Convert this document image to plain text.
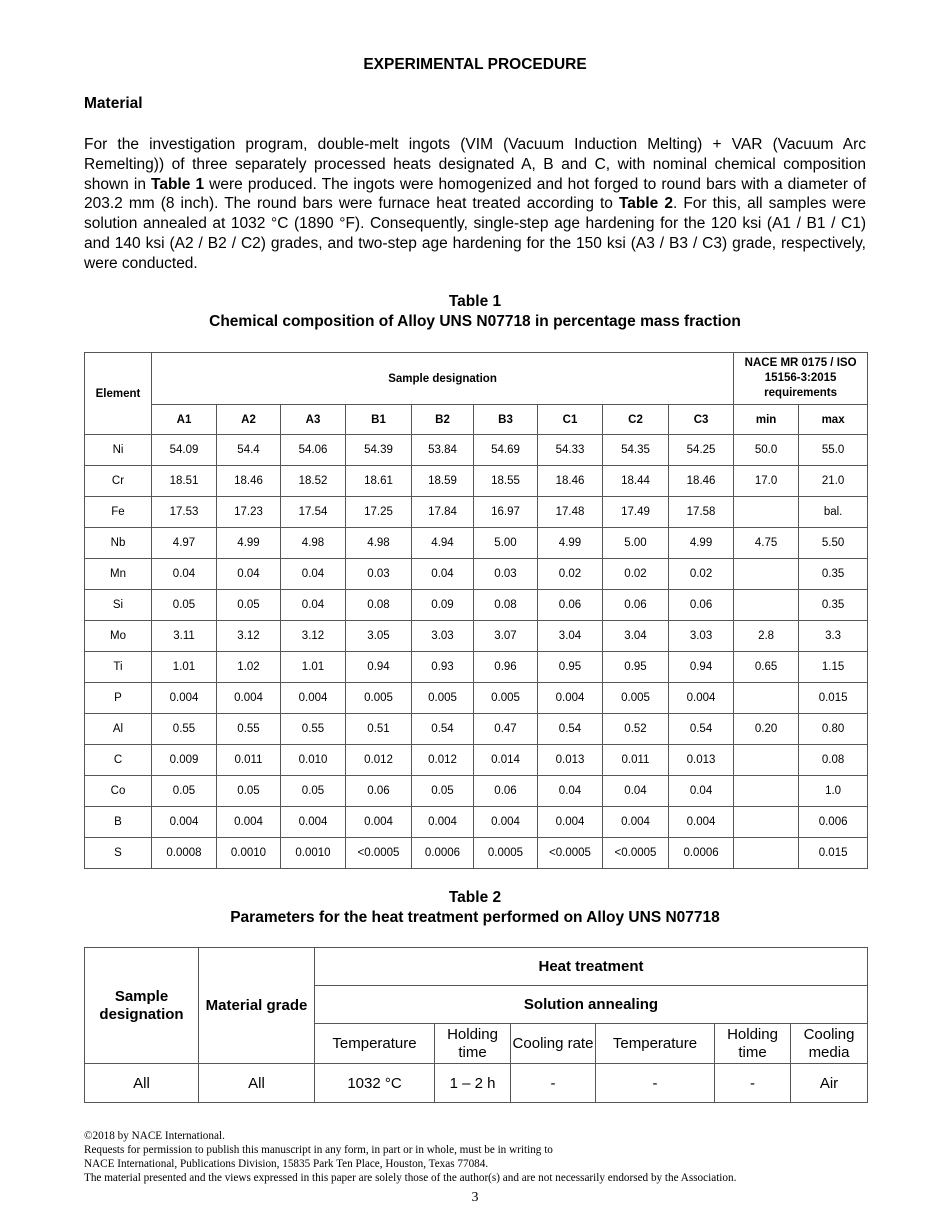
EXPERIMENTAL PROCEDURE
Material
For the investigation program, double-melt ingots (VIM (Vacuum Induction Melting) + VAR (Vacuum Arc Remelting)) of three separately processed heats designated A, B and C, with nominal chemical composition shown in Table 1 were produced. The ingots were homogenized and hot forged to round bars with a diameter of 203.2 mm (8 inch). The round bars were furnace heat treated according to Table 2. For this, all samples were solution annealed at 1032 °C (1890 °F). Consequently, single-step age hardening for the 120 ksi (A1 / B1 / C1) and 140 ksi (A2 / B2 / C2) grades, and two-step age hardening for the 150 ksi (A3 / B3 / C3) grade, respectively, were conducted.
Table 1
Chemical composition of Alloy UNS N07718 in percentage mass fraction
Element	Sample designation									NACE MR 0175 / ISO 15156-3:2015 requirements	
	A1	A2	A3	B1	B2	B3	C1	C2	C3	min	max
Ni	54.09	54.4	54.06	54.39	53.84	54.69	54.33	54.35	54.25	50.0	55.0
Cr	18.51	18.46	18.52	18.61	18.59	18.55	18.46	18.44	18.46	17.0	21.0
Fe	17.53	17.23	17.54	17.25	17.84	16.97	17.48	17.49	17.58		bal.
Nb	4.97	4.99	4.98	4.98	4.94	5.00	4.99	5.00	4.99	4.75	5.50
Mn	0.04	0.04	0.04	0.03	0.04	0.03	0.02	0.02	0.02		0.35
Si	0.05	0.05	0.04	0.08	0.09	0.08	0.06	0.06	0.06		0.35
Mo	3.11	3.12	3.12	3.05	3.03	3.07	3.04	3.04	3.03	2.8	3.3
Ti	1.01	1.02	1.01	0.94	0.93	0.96	0.95	0.95	0.94	0.65	1.15
P	0.004	0.004	0.004	0.005	0.005	0.005	0.004	0.005	0.004		0.015
Al	0.55	0.55	0.55	0.51	0.54	0.47	0.54	0.52	0.54	0.20	0.80
C	0.009	0.011	0.010	0.012	0.012	0.014	0.013	0.011	0.013		0.08
Co	0.05	0.05	0.05	0.06	0.05	0.06	0.04	0.04	0.04		1.0
B	0.004	0.004	0.004	0.004	0.004	0.004	0.004	0.004	0.004		0.006
S	0.0008	0.0010	0.0010	<0.0005	0.0006	0.0005	<0.0005	<0.0005	0.0006		0.015
Table 2
Parameters for the heat treatment performed on Alloy UNS N07718
Sample designation	Material grade	Heat treatment					
		Solution annealing					
		Temperature	Holding time	Cooling rate	Temperature	Holding time	Cooling media
All	All	1032 °C	1 – 2 h	-	-	-	Air
©2018 by NACE International.
Requests for permission to publish this manuscript in any form, in part or in whole, must be in writing to
NACE International, Publications Division, 15835 Park Ten Place, Houston, Texas 77084.
The material presented and the views expressed in this paper are solely those of the author(s) and are not necessarily endorsed by the Association.
3
